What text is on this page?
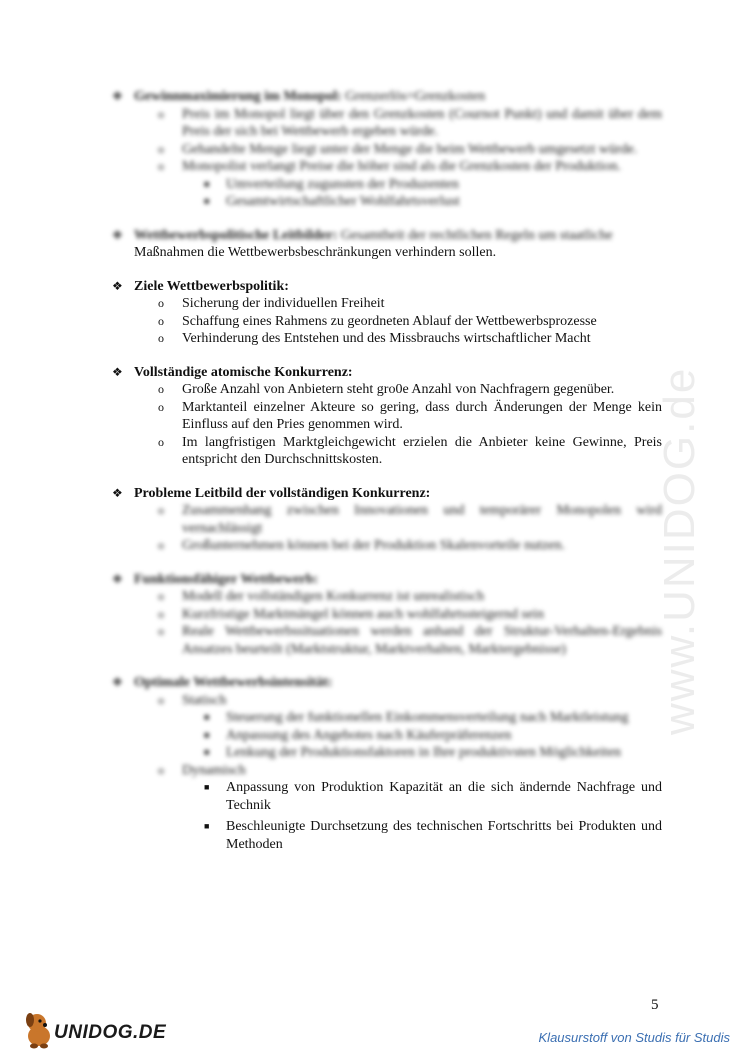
www.UNIDOG.de
❖ Gewinnmaximierung im Monopol: Grenzerlös=Grenzkosten
o	Preis im Monopol liegt über den Grenzkosten (Cournot Punkt) und damit über dem Preis der sich bei Wettbewerb ergeben würde.
o	Gehandelte Menge liegt unter der Menge die beim Wettbewerb umgesetzt würde.
o	Monopolist verlangt Preise die höher sind als die Grenzkosten der Produktion.
■	Umverteilung zugunsten der Produzenten
■	Gesamtwirtschaftlicher Wohlfahrtsverlust
❖ Wettbewerbspolitische Leitbilder: Gesamtheit der rechtlichen Regeln um staatliche
Maßnahmen die Wettbewerbsbeschränkungen verhindern sollen.
❖ Ziele Wettbewerbspolitik:
o	Sicherung der individuellen Freiheit
o	Schaffung eines Rahmens zu geordneten Ablauf der Wettbewerbsprozesse
o	Verhinderung des Entstehen und des Missbrauchs wirtschaftlicher Macht
❖ Vollständige atomische Konkurrenz:
o	Große Anzahl von Anbietern steht gro0e Anzahl von Nachfragern gegenüber.
o	Marktanteil einzelner Akteure so gering, dass durch Änderungen der Menge kein Einfluss auf den Pries genommen wird.
o	Im langfristigen Marktgleichgewicht erzielen die Anbieter keine Gewinne, Preis entspricht den Durchschnittskosten.
❖ Probleme Leitbild der vollständigen Konkurrenz:
o	Zusammenhang zwischen Innovationen und temporärer Monopolen wird vernachlässigt
o	Großunternehmen können bei der Produktion Skalenvorteile nutzen.
❖ Funktionsfähiger Wettbewerb:
o	Modell der vollständigen Konkurrenz ist unrealistisch
o	Kurzfristige Marktmängel können auch wohlfahrtssteigernd sein
o	Reale Wettbewerbssituationen werden anhand der Struktur-Verhalten-Ergebnis Ansatzes beurteilt (Marktstruktur, Marktverhalten, Marktergebnisse)
❖ Optimale Wettbewerbsintensität:
o	Statisch
■	Steuerung der funktionellen Einkommensverteilung nach Marktleistung
■	Anpassung des Angebotes nach Käuferpräferenzen
■	Lenkung der Produktionsfaktoren in Ihre produktivsten Möglichkeiten
o	Dynamisch
■	Anpassung von Produktion Kapazität an die sich ändernde Nachfrage und Technik
■	Beschleunigte Durchsetzung des technischen Fortschritts bei Produkten und Methoden
5
UNIDOG.DE	Klausurstoff von Studis für Studis
